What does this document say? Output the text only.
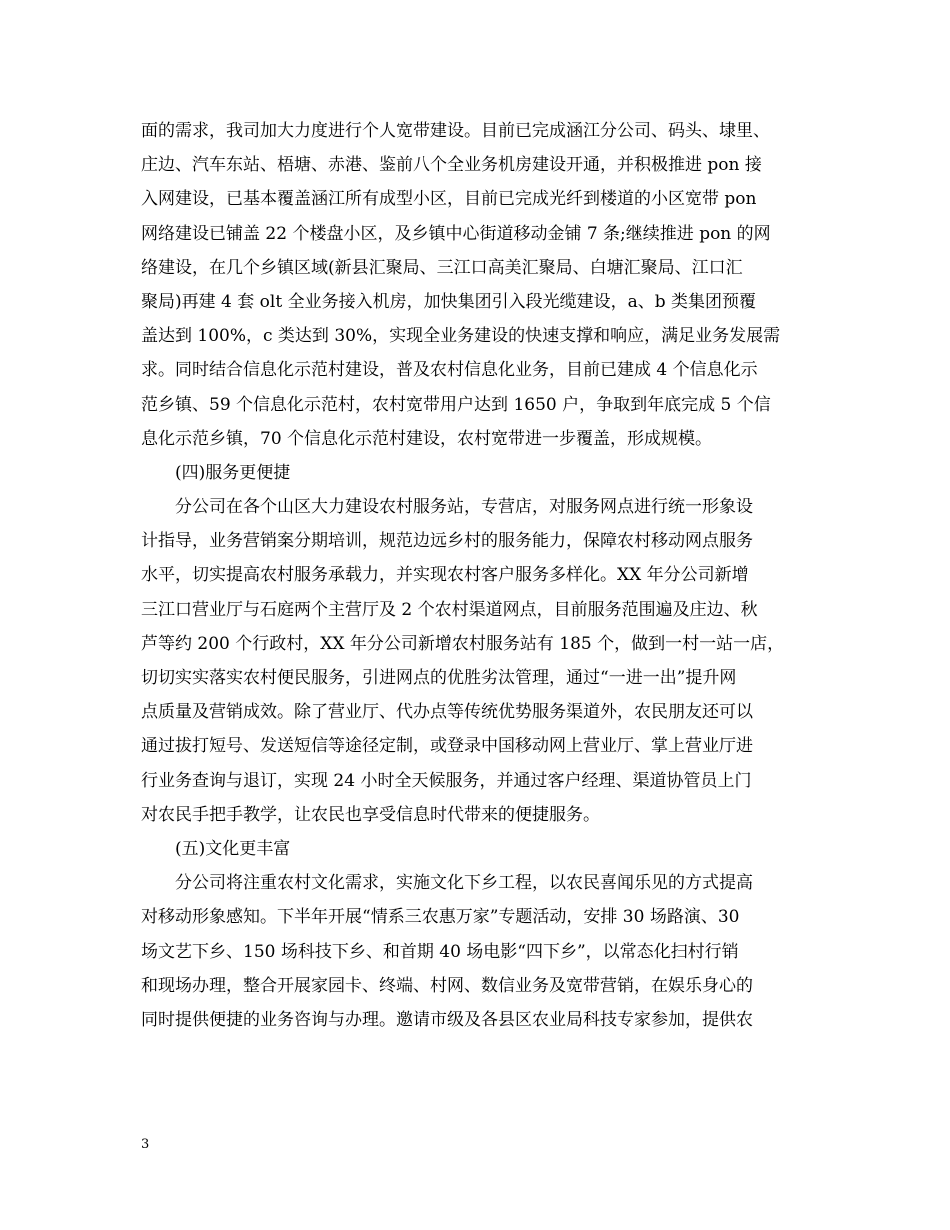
面的需求，我司加大力度进行个人宽带建设。目前已完成涵江分公司、码头、埭里、
庄边、汽车东站、梧塘、赤港、鉴前八个全业务机房建设开通，并积极推进 pon 接
入网建设，已基本覆盖涵江所有成型小区，目前已完成光纤到楼道的小区宽带 pon
网络建设已铺盖 22 个楼盘小区，及乡镇中心街道移动金铺 7 条;继续推进 pon 的网
络建设，在几个乡镇区域(新县汇聚局、三江口高美汇聚局、白塘汇聚局、江口汇
聚局)再建 4 套 olt 全业务接入机房，加快集团引入段光缆建设，a、b 类集团预覆
盖达到 100%，c 类达到 30%，实现全业务建设的快速支撑和响应，满足业务发展需
求。同时结合信息化示范村建设，普及农村信息化业务，目前已建成 4 个信息化示
范乡镇、59 个信息化示范村，农村宽带用户达到 1650 户，争取到年底完成 5 个信
息化示范乡镇，70 个信息化示范村建设，农村宽带进一步覆盖，形成规模。
(四)服务更便捷
　　分公司在各个山区大力建设农村服务站，专营店，对服务网点进行统一形象设
计指导，业务营销案分期培训，规范边远乡村的服务能力，保障农村移动网点服务
水平，切实提高农村服务承载力，并实现农村客户服务多样化。XX 年分公司新增
三江口营业厅与石庭两个主营厅及 2 个农村渠道网点，目前服务范围遍及庄边、秋
芦等约 200 个行政村，XX 年分公司新增农村服务站有 185 个，做到一村一站一店，
切切实实落实农村便民服务，引进网点的优胜劣汰管理，通过“一进一出”提升网
点质量及营销成效。除了营业厅、代办点等传统优势服务渠道外，农民朋友还可以
通过拔打短号、发送短信等途径定制，或登录中国移动网上营业厅、掌上营业厅进
行业务查询与退订，实现 24 小时全天候服务，并通过客户经理、渠道协管员上门
对农民手把手教学，让农民也享受信息时代带来的便捷服务。
(五)文化更丰富
　　分公司将注重农村文化需求，实施文化下乡工程，以农民喜闻乐见的方式提高
对移动形象感知。下半年开展“情系三农惠万家”专题活动，安排 30 场路演、30
场文艺下乡、150 场科技下乡、和首期 40 场电影“四下乡”，以常态化扫村行销
和现场办理，整合开展家园卡、终端、村网、数信业务及宽带营销，在娱乐身心的
同时提供便捷的业务咨询与办理。邀请市级及各县区农业局科技专家参加，提供农
3
